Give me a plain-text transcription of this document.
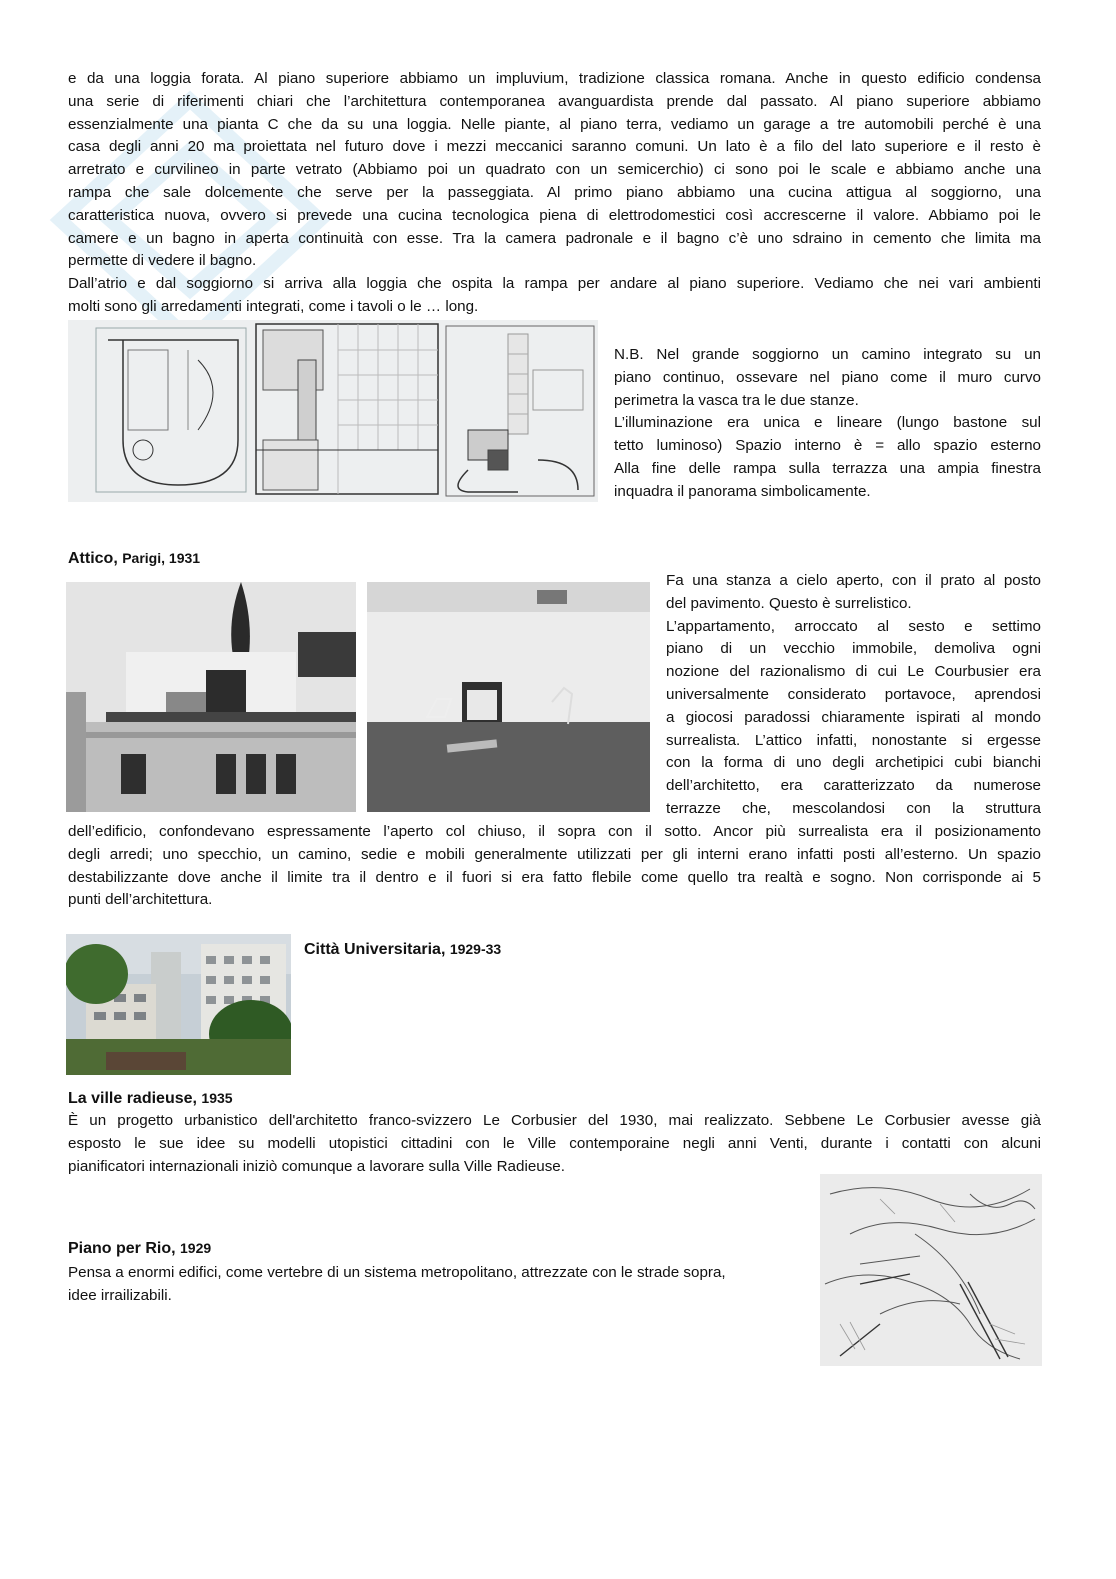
e da una loggia forata. Al piano superiore abbiamo un impluvium, tradizione classica romana. Anche in questo edificio condensa
una serie di riferimenti chiari che l’architettura contemporanea avanguardista prende dal passato. Al piano superiore abbiamo
essenzialmente una pianta C che da su una loggia. Nelle piante, al piano terra, vediamo un garage a tre automobili perché è una
casa degli anni 20 ma proiettata nel futuro dove i mezzi meccanici saranno comuni. Un lato è a filo del lato superiore e il resto è
arretrato e curvilineo in parte vetrato (Abbiamo poi un quadrato con un semicerchio) ci sono poi le scale e abbiamo anche una
rampa che sale dolcemente che serve per la passeggiata. Al primo piano abbiamo una cucina attigua al soggiorno, una
caratteristica nuova, ovvero si prevede una cucina tecnologica piena di elettrodomestici così accrescerne il valore. Abbiamo poi le
camere e un bagno in aperta continuità con esse. Tra la camera padronale e il bagno c’è uno sdraino in cemento che limita ma
permette di vedere il bagno.
Dall’atrio e dal soggiorno si arriva alla loggia che ospita la rampa per andare al piano superiore. Vediamo che nei vari ambienti
molti sono gli arredamenti integrati, come i tavoli o le … long.
N.B. Nel grande soggiorno un camino integrato su un
piano continuo, ossevare nel piano come il muro curvo
perimetra la vasca tra le due stanze.
L’illuminazione era unica e lineare (lungo bastone sul
tetto luminoso) Spazio interno è = allo spazio esterno
Alla fine delle rampa sulla terrazza una ampia finestra
inquadra il panorama simbolicamente.
Attico, Parigi, 1931
Fa una stanza a cielo aperto, con il prato al posto
del pavimento. Questo è surrelistico.
L’appartamento, arroccato al sesto e settimo
piano di un vecchio immobile, demoliva ogni
nozione del razionalismo di cui Le Courbusier era
universalmente considerato portavoce, aprendosi
a giocosi paradossi chiaramente ispirati al mondo
surrealista. L’attico infatti, nonostante si ergesse
con la forma di uno degli archetipici cubi bianchi
dell’architetto, era caratterizzato da numerose
terrazze che, mescolandosi con la struttura
dell’edificio, confondevano espressamente l’aperto col chiuso, il sopra con il sotto. Ancor più surrealista era il posizionamento
degli arredi; uno specchio, un camino, sedie e mobili generalmente utilizzati per gli interni erano infatti posti all’esterno. Un spazio
destabilizzante dove anche il limite tra il dentro e il fuori si era fatto flebile come quello tra realtà e sogno. Non corrisponde ai 5
punti dell’architettura.
Città Universitaria, 1929-33
La ville radieuse, 1935
È un progetto urbanistico dell'architetto franco-svizzero Le Corbusier del 1930, mai realizzato. Sebbene Le Corbusier avesse già
esposto le sue idee su modelli utopistici cittadini con le Ville contemporaine negli anni Venti, durante i contatti con alcuni
pianificatori internazionali iniziò comunque a lavorare sulla Ville Radieuse.
Piano per Rio, 1929
Pensa a enormi edifici, come vertebre di un sistema metropolitano, attrezzate con le strade sopra,
idee irrailizabili.
